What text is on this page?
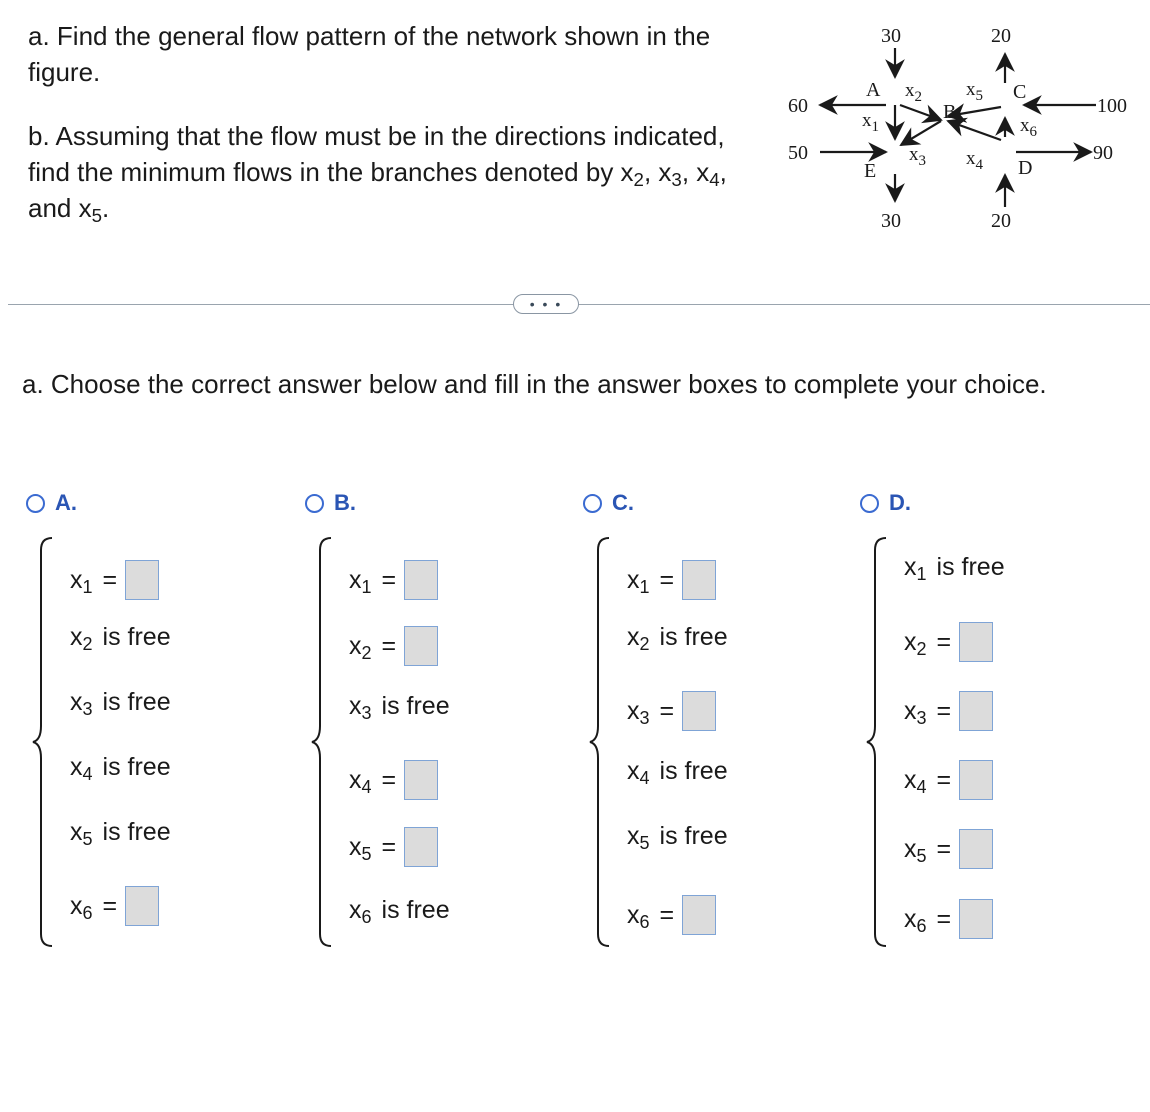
a. Find the general flow pattern of the network shown in the figure.

b. Assuming that the flow must be in the directions indicated, find the minimum flows in the branches denoted by $x_2$, $x_3$, $x_4$, and $x_5$.

30
30
20
20
60
50
100
90
A
B
C
D
E
$x_1$
$x_2$
$x_3$ $x_4$
$x_5$
$x_6$
• • •

a. Choose the correct answer below and fill in the answer boxes to complete your choice.

A.
$x_1$ =
$x_2$ is free
$x_3$ is free
$x_4$ is free
$x_5$ is free
$x_6$ =
B.
$x_1$ =
$x_2$ =
$x_3$ is free
$x_4$ =
$x_5$ =
$x_6$ is free
C.
$x_1$ =
$x_2$ is free
$x_3$ =
$x_4$ is free
$x_5$ is free
$x_6$ =
D.
$x_1$ is free
$x_2$ =
$x_3$ =
$x_4$ =
$x_5$ =
$x_6$ =
